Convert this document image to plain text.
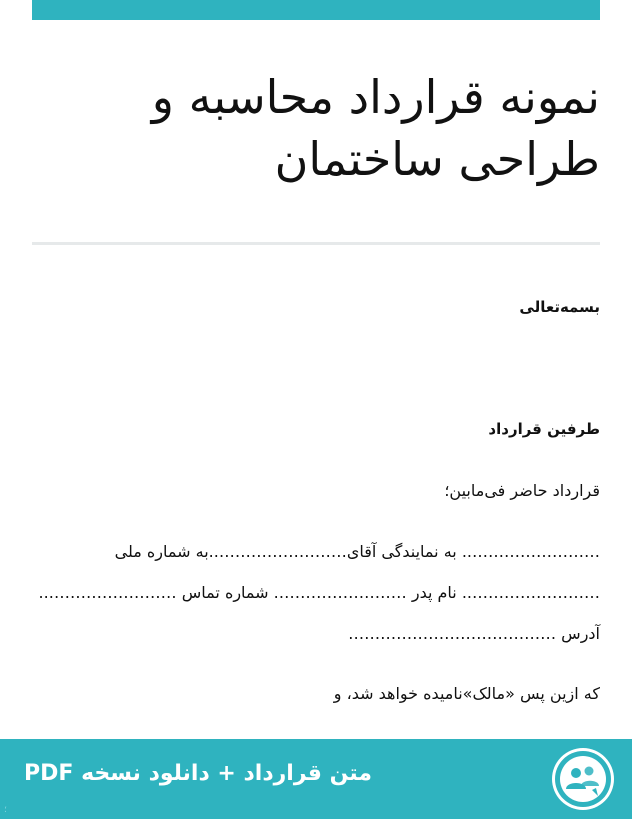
نمونه قرارداد محاسبه و طراحی ساختمان
بسمه‌تعالی
طرفین قرارداد
قرارداد حاضر فی‌مابین؛
…………………….. به نمایندگی آقای……………………..به شماره ملی
…………………….. نام پدر ……………………. شماره تماس ……………………..
آدرس …………………………………
که ازین پس «مالک»نامیده خواهد شد، و
متن قرارداد + دانلود نسخه PDF
؛
